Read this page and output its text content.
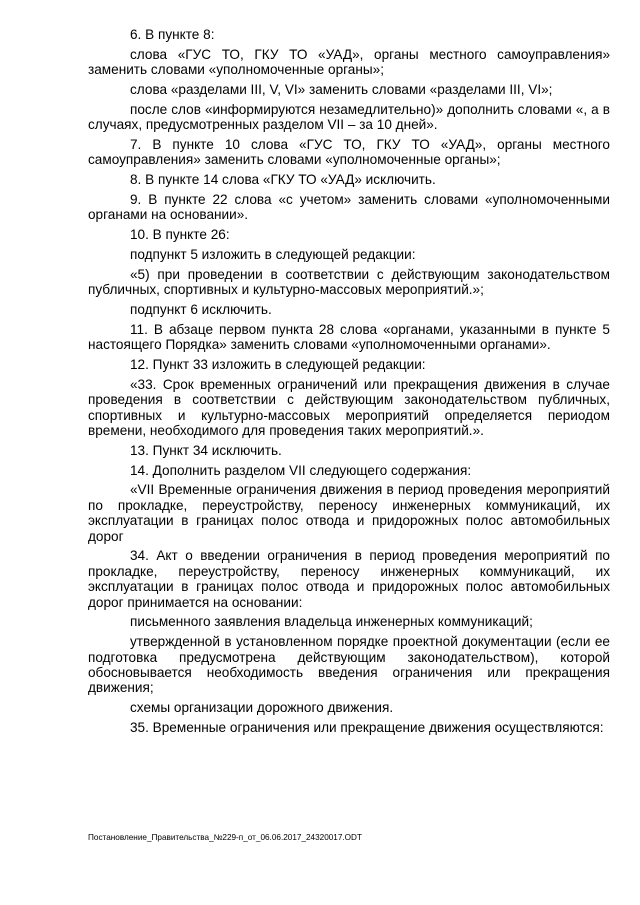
6. В пункте 8:

слова «ГУС ТО, ГКУ ТО «УАД», органы местного самоуправления» заменить словами «уполномоченные органы»;

слова «разделами III, V, VI» заменить словами «разделами III, VI»;

после слов «информируются незамедлительно)» дополнить словами «, а в случаях, предусмотренных разделом VII – за 10 дней».

7. В пункте 10 слова «ГУС ТО, ГКУ ТО «УАД», органы местного самоуправления» заменить словами «уполномоченные органы»;

8. В пункте 14 слова «ГКУ ТО «УАД» исключить.

9. В пункте 22 слова «с учетом» заменить словами «уполномоченными органами на основании».

10. В пункте 26:

подпункт 5 изложить в следующей редакции:

«5) при проведении в соответствии с действующим законодательством публичных, спортивных и культурно-массовых мероприятий.»;

подпункт 6 исключить.

11. В абзаце первом пункта 28 слова «органами, указанными в пункте 5 настоящего Порядка» заменить словами «уполномоченными органами».

12. Пункт 33 изложить в следующей редакции:

«33. Срок временных ограничений или прекращения движения в случае проведения в соответствии с действующим законодательством публичных, спортивных и культурно-массовых мероприятий определяется периодом времени, необходимого для проведения таких мероприятий.».

13. Пункт 34 исключить.

14. Дополнить разделом VII следующего содержания:

«VII Временные ограничения движения в период проведения мероприятий по прокладке, переустройству, переносу инженерных коммуникаций, их эксплуатации в границах полос отвода и придорожных полос автомобильных дорог

34. Акт о введении ограничения в период проведения мероприятий по прокладке, переустройству, переносу инженерных коммуникаций, их эксплуатации в границах полос отвода и придорожных полос автомобильных дорог принимается на основании:

письменного заявления владельца инженерных коммуникаций;

утвержденной в установленном порядке проектной документации (если ее подготовка предусмотрена действующим законодательством), которой обосновывается необходимость введения ограничения или прекращения движения;

схемы организации дорожного движения.

35. Временные ограничения или прекращение движения осуществляются:

Постановление_Правительства_№229-п_от_06.06.2017_24320017.ODT
